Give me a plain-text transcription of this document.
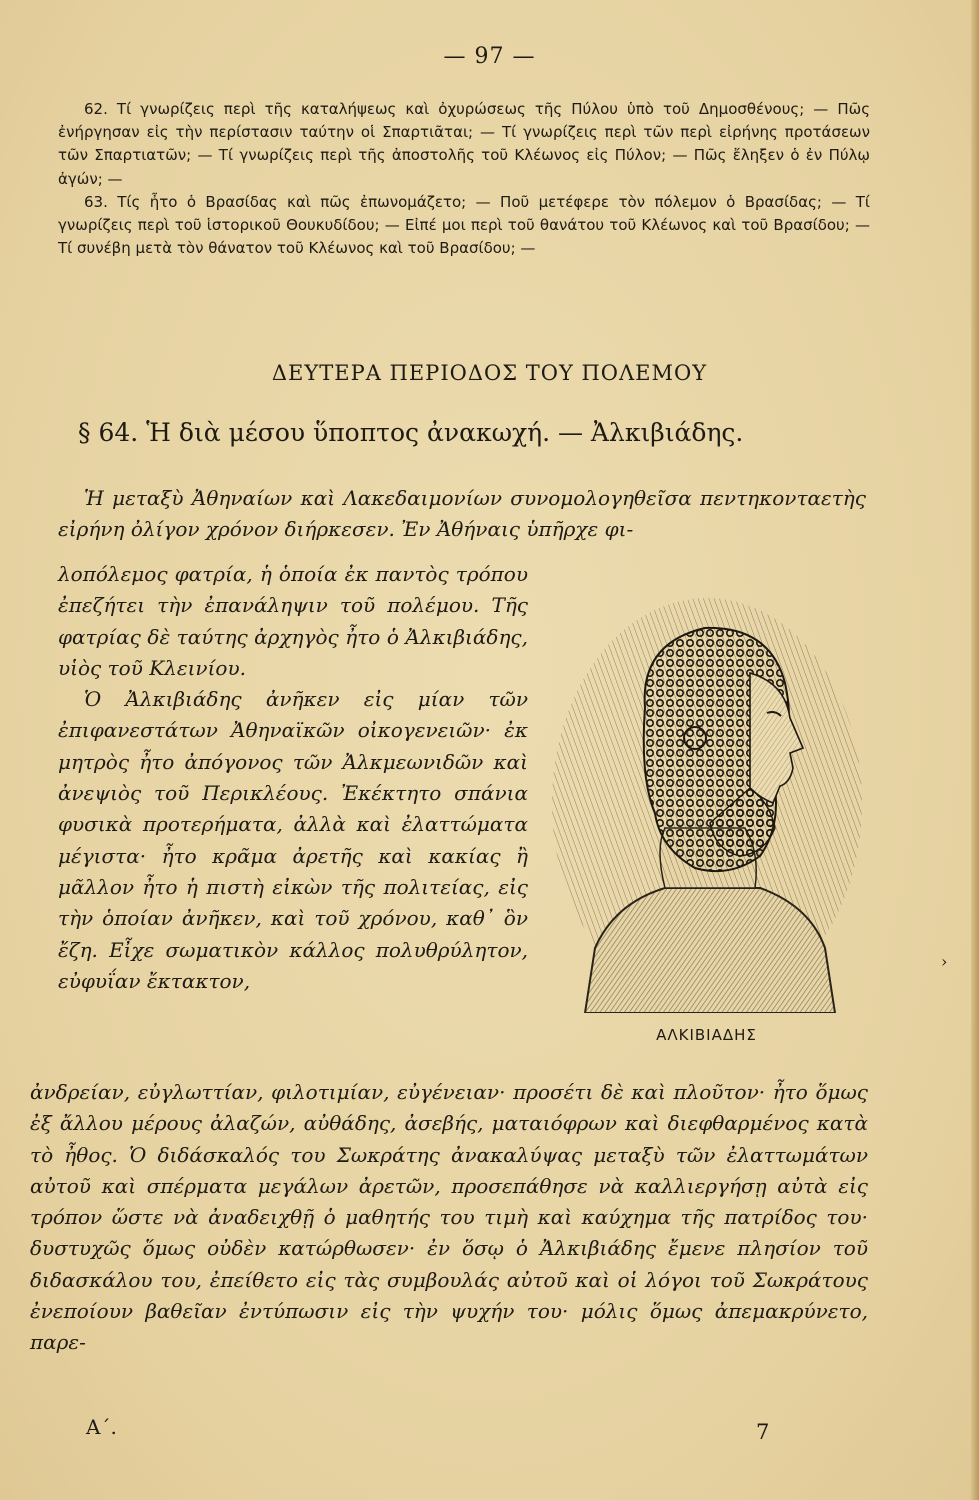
— 97 —

62. Τί γνωρίζεις περὶ τῆς καταλήψεως καὶ ὀχυρώσεως τῆς Πύλου ὑπὸ τοῦ Δημοσθένους; — Πῶς ἐνήργησαν εἰς τὴν περίστασιν ταύτην οἱ Σπαρτιᾶται; — Τί γνωρίζεις περὶ τῶν περὶ εἰρήνης προτάσεων τῶν Σπαρτιατῶν; — Τί γνωρίζεις περὶ τῆς ἀποστολῆς τοῦ Κλέωνος εἰς Πύλον; — Πῶς ἔληξεν ὁ ἐν Πύλῳ ἀγών; —

63. Τίς ἦτο ὁ Βρασίδας καὶ πῶς ἐπωνομάζετο; — Ποῦ μετέφερε τὸν πόλεμον ὁ Βρασίδας; — Τί γνωρίζεις περὶ τοῦ ἱστορικοῦ Θουκυδίδου; — Εἰπέ μοι περὶ τοῦ θανάτου τοῦ Κλέωνος καὶ τοῦ Βρασίδου; — Τί συνέβη μετὰ τὸν θάνατον τοῦ Κλέωνος καὶ τοῦ Βρασίδου; —

ΔΕΥΤΕΡΑ ΠΕΡΙΟΔΟΣ ΤΟΥ ΠΟΛΕΜΟΥ
§ 64. Ἡ διὰ μέσου ὕποπτος ἀνακωχή. — Ἀλκιβιάδης.
Ἡ μεταξὺ Ἀθηναίων καὶ Λακεδαιμονίων συνομολογηθεῖσα πεντηκονταετὴς εἰρήνη ὀλίγον χρόνον διήρκεσεν. Ἐν Ἀθήναις ὑπῆρχε φι-

λοπόλεμος φατρία, ἡ ὁποία ἐκ παντὸς τρόπου ἐπεζήτει τὴν ἐπανάληψιν τοῦ πολέμου. Τῆς φατρίας δὲ ταύτης ἀρχηγὸς ἦτο ὁ Ἀλκιβιάδης, υἱὸς τοῦ Κλεινίου.

Ὁ Ἀλκιβιάδης ἀνῆκεν εἰς μίαν τῶν ἐπιφανεστάτων Ἀθηναϊκῶν οἰκογενειῶν· ἐκ μητρὸς ἦτο ἀπόγονος τῶν Ἀλκμεωνιδῶν καὶ ἀνεψιὸς τοῦ Περικλέους. Ἐκέκτητο σπάνια φυσικὰ προτερήματα, ἀλλὰ καὶ ἐλαττώματα μέγιστα· ἦτο κρᾶμα ἀρετῆς καὶ κακίας ἢ μᾶλλον ἦτο ἡ πιστὴ εἰκὼν τῆς πολιτείας, εἰς τὴν ὁποίαν ἀνῆκεν, καὶ τοῦ χρόνου, καθ᾽ ὃν ἔζη. Εἶχε σωματικὸν κάλλος πολυθρύλητον, εὐφυΐαν ἔκτακτον,

ἀνδρείαν, εὐγλωττίαν, φιλοτιμίαν, εὐγένειαν· προσέτι δὲ καὶ πλοῦτον· ἦτο ὅμως ἐξ ἄλλου μέρους ἀλαζών, αὐθάδης, ἀσεβής, ματαιόφρων καὶ διεφθαρμένος κατὰ τὸ ἦθος. Ὁ διδάσκαλός του Σωκράτης ἀνακαλύψας μεταξὺ τῶν ἐλαττωμάτων αὐτοῦ καὶ σπέρματα μεγάλων ἀρετῶν, προσεπάθησε νὰ καλλιεργήσῃ αὐτὰ εἰς τρόπον ὥστε νὰ ἀναδειχθῇ ὁ μαθητής του τιμὴ καὶ καύχημα τῆς πατρίδος του· δυστυχῶς ὅμως οὐδὲν κατώρθωσεν· ἐν ὅσῳ ὁ Ἀλκιβιάδης ἔμενε πλησίον τοῦ διδασκάλου του, ἐπείθετο εἰς τὰς συμβουλάς αὐτοῦ καὶ οἱ λόγοι τοῦ Σωκράτους ἐνεποίουν βαθεῖαν ἐντύπωσιν εἰς τὴν ψυχήν του· μόλις ὅμως ἀπεμακρύνετο, παρε-
ΑΛΚΙΒΙΑΔΗΣ
Α΄.	7
›
